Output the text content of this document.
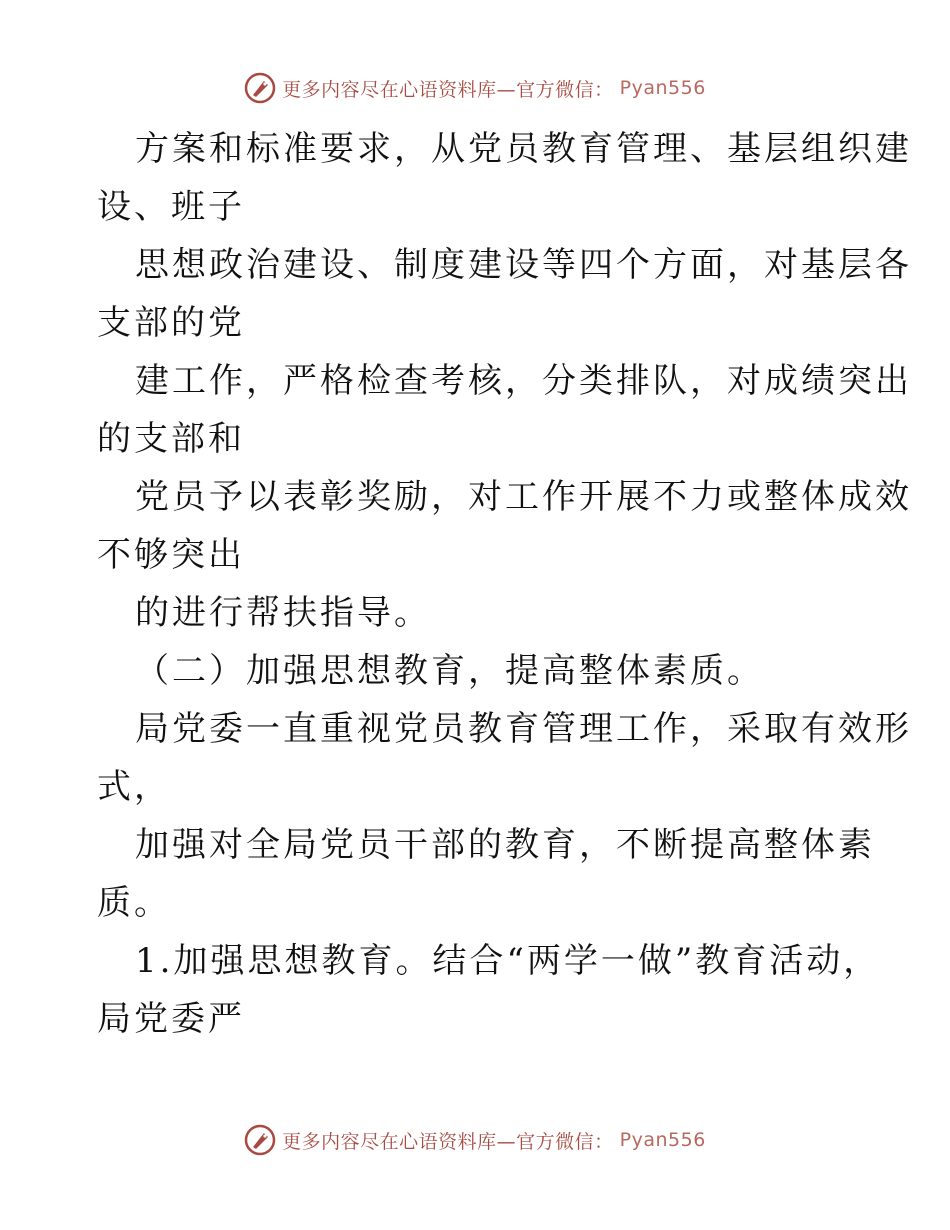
更多内容尽在心语资料库—官方微信： Pyan556
方案和标准要求，从党员教育管理、基层组织建
设、班子
思想政治建设、制度建设等四个方面，对基层各
支部的党
建工作，严格检查考核，分类排队，对成绩突出
的支部和
党员予以表彰奖励，对工作开展不力或整体成效
不够突出
的进行帮扶指导。
（二）加强思想教育，提高整体素质。
局党委一直重视党员教育管理工作，采取有效形
式，
加强对全局党员干部的教育，不断提高整体素
质。
1.加强思想教育。结合“两学一做”教育活动，
局党委严
更多内容尽在心语资料库—官方微信： Pyan556
